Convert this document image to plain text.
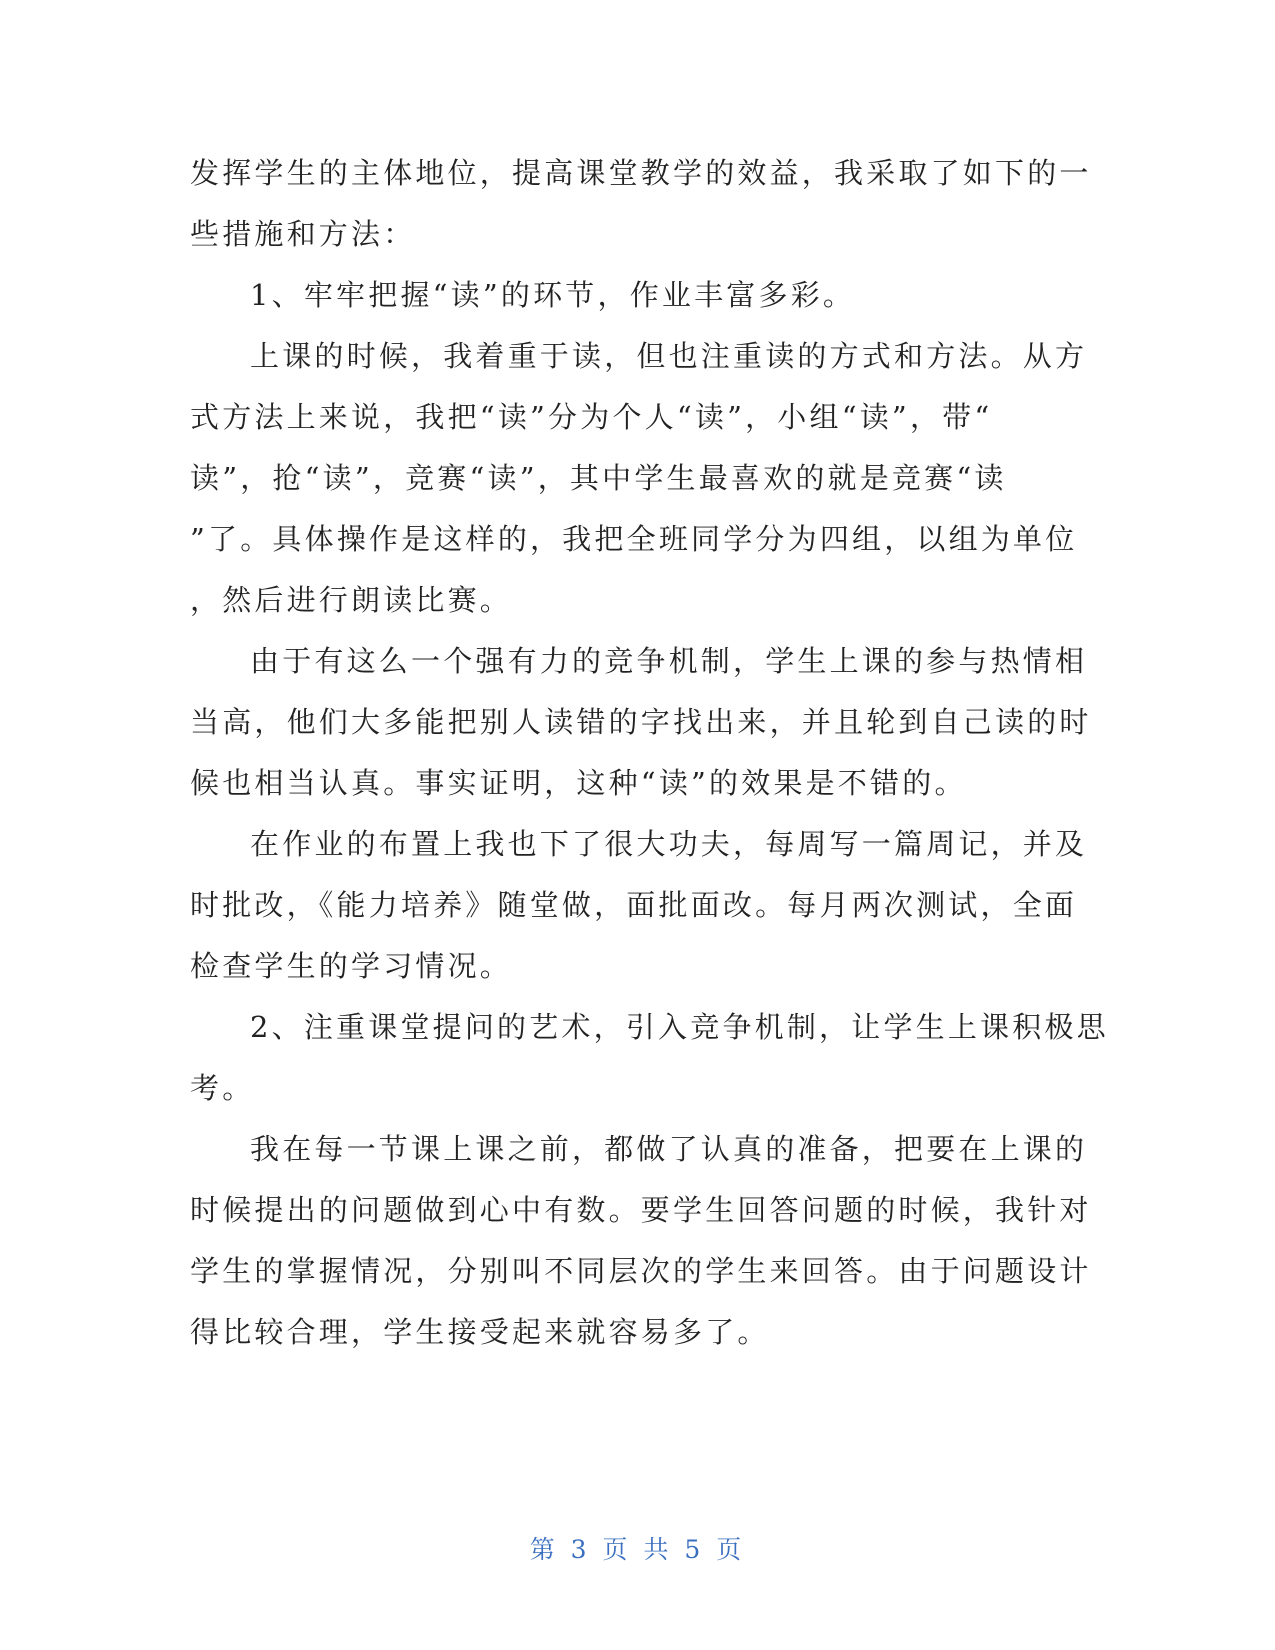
发挥学生的主体地位，提高课堂教学的效益，我采取了如下的一

些措施和方法：

1、牢牢把握“读”的环节，作业丰富多彩。

上课的时候，我着重于读，但也注重读的方式和方法。从方

式方法上来说，我把“读”分为个人“读”，小组“读”，带“

读”，抢“读”，竞赛“读”，其中学生最喜欢的就是竞赛“读

”了。具体操作是这样的，我把全班同学分为四组，以组为单位

，然后进行朗读比赛。

由于有这么一个强有力的竞争机制，学生上课的参与热情相

当高，他们大多能把别人读错的字找出来，并且轮到自己读的时

候也相当认真。事实证明，这种“读”的效果是不错的。

在作业的布置上我也下了很大功夫，每周写一篇周记，并及

时批改，《能力培养》随堂做，面批面改。每月两次测试，全面

检查学生的学习情况。

2、注重课堂提问的艺术，引入竞争机制，让学生上课积极思

考。

我在每一节课上课之前，都做了认真的准备，把要在上课的

时候提出的问题做到心中有数。要学生回答问题的时候，我针对

学生的掌握情况，分别叫不同层次的学生来回答。由于问题设计

得比较合理，学生接受起来就容易多了。

第 3 页 共 5 页
